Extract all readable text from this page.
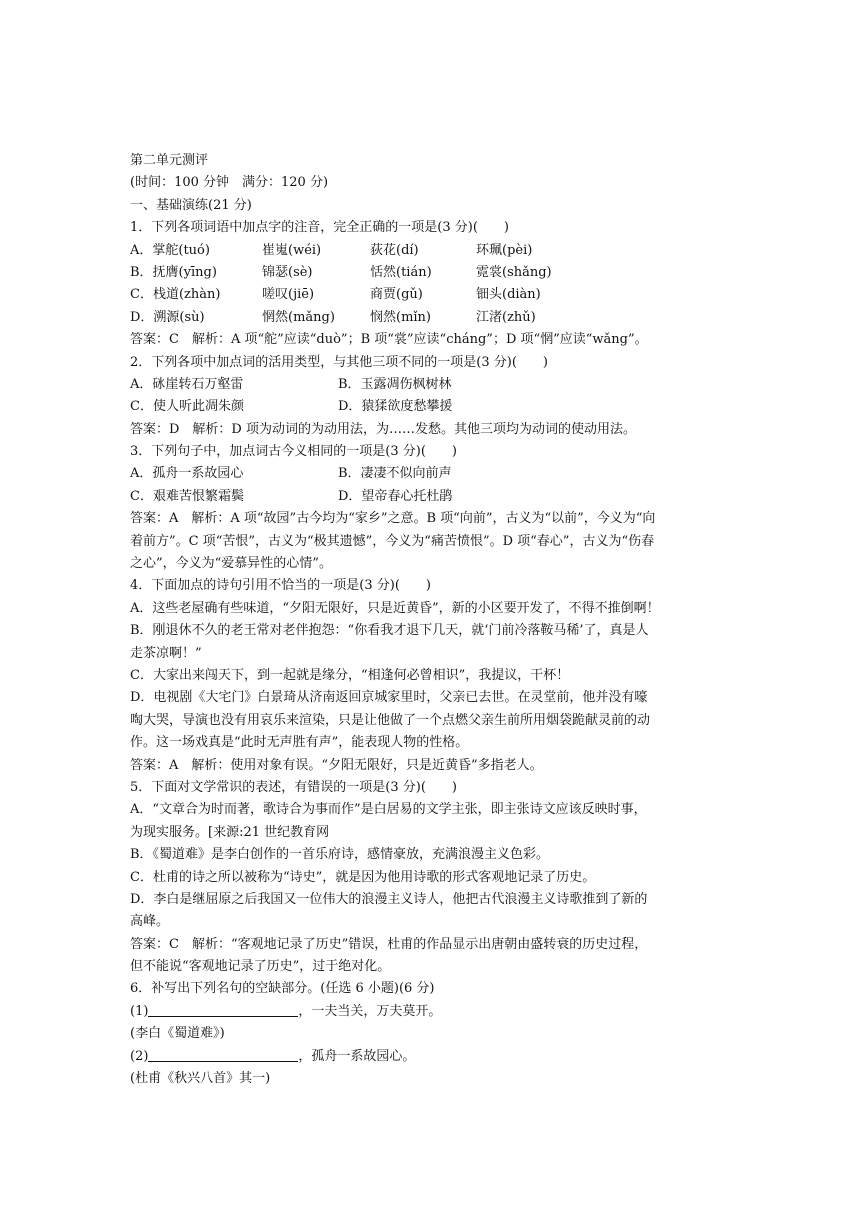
第二单元测评
(时间：100 分钟　满分：120 分)
一、基础演练(21 分)
1．下列各项词语中加点字的注音，完全正确的一项是(3 分)(　　)
A．掌舵(tuó)	崔嵬(wéi)	荻花(dí)	环珮(pèi)
B．抚膺(yīng)	锦瑟(sè)	恬然(tián)	霓裳(shǎng)
C．栈道(zhàn)	嗟叹(jiē)	商贾(gǔ)	钿头(diàn)
D．溯源(sù)	惘然(mǎng)	悯然(mǐn)	江渚(zhǔ)
答案：C　解析：A 项“舵”应读“duò”；B 项“裳”应读“cháng”；D 项“惘”应读“wǎng”。
2．下列各项中加点词的活用类型，与其他三项不同的一项是(3 分)(　　)
A．砯崖转石万壑雷	B．玉露凋伤枫树林
C．使人听此凋朱颜	D．猿猱欲度愁攀援
答案：D　解析：D 项为动词的为动用法，为……发愁。其他三项均为动词的使动用法。
3．下列句子中，加点词古今义相同的一项是(3 分)(　　)
A．孤舟一系故园心	B．凄凄不似向前声
C．艰难苦恨繁霜鬓	D．望帝春心托杜鹃
答案：A　解析：A 项“故园”古今均为“家乡”之意。B 项“向前”，古义为“以前”，今义为“向
着前方”。C 项“苦恨”，古义为“极其遗憾”，今义为“痛苦愤恨”。D 项“春心”，古义为“伤春
之心”，今义为“爱慕异性的心情”。
4．下面加点的诗句引用不恰当的一项是(3 分)(　　)
A．这些老屋确有些味道，“夕阳无限好，只是近黄昏”，新的小区要开发了，不得不推倒啊！
B．刚退休不久的老王常对老伴抱怨：“你看我才退下几天，就‘门前冷落鞍马稀’了，真是人
走茶凉啊！”
C．大家出来闯天下，到一起就是缘分，“相逢何必曾相识”，我提议，干杯！
D．电视剧《大宅门》白景琦从济南返回京城家里时，父亲已去世。在灵堂前，他并没有嚎
啕大哭，导演也没有用哀乐来渲染，只是让他做了一个点燃父亲生前所用烟袋跪献灵前的动
作。这一场戏真是“此时无声胜有声”，能表现人物的性格。
答案：A　解析：使用对象有误。“夕阳无限好，只是近黄昏”多指老人。
5．下面对文学常识的表述，有错误的一项是(3 分)(　　)
A．“文章合为时而著，歌诗合为事而作”是白居易的文学主张，即主张诗文应该反映时事，
为现实服务。[来源:21 世纪教育网
B．《蜀道难》是李白创作的一首乐府诗，感情豪放，充满浪漫主义色彩。
C．杜甫的诗之所以被称为“诗史”，就是因为他用诗歌的形式客观地记录了历史。
D．李白是继屈原之后我国又一位伟大的浪漫主义诗人，他把古代浪漫主义诗歌推到了新的
高峰。
答案：C　解析：“客观地记录了历史”错误，杜甫的作品显示出唐朝由盛转衰的历史过程，
但不能说“客观地记录了历史”，过于绝对化。
6．补写出下列名句的空缺部分。(任选 6 小题)(6 分)
(1)	，一夫当关，万夫莫开。
(李白《蜀道难》)
(2)	，孤舟一系故园心。
(杜甫《秋兴八首》其一)
